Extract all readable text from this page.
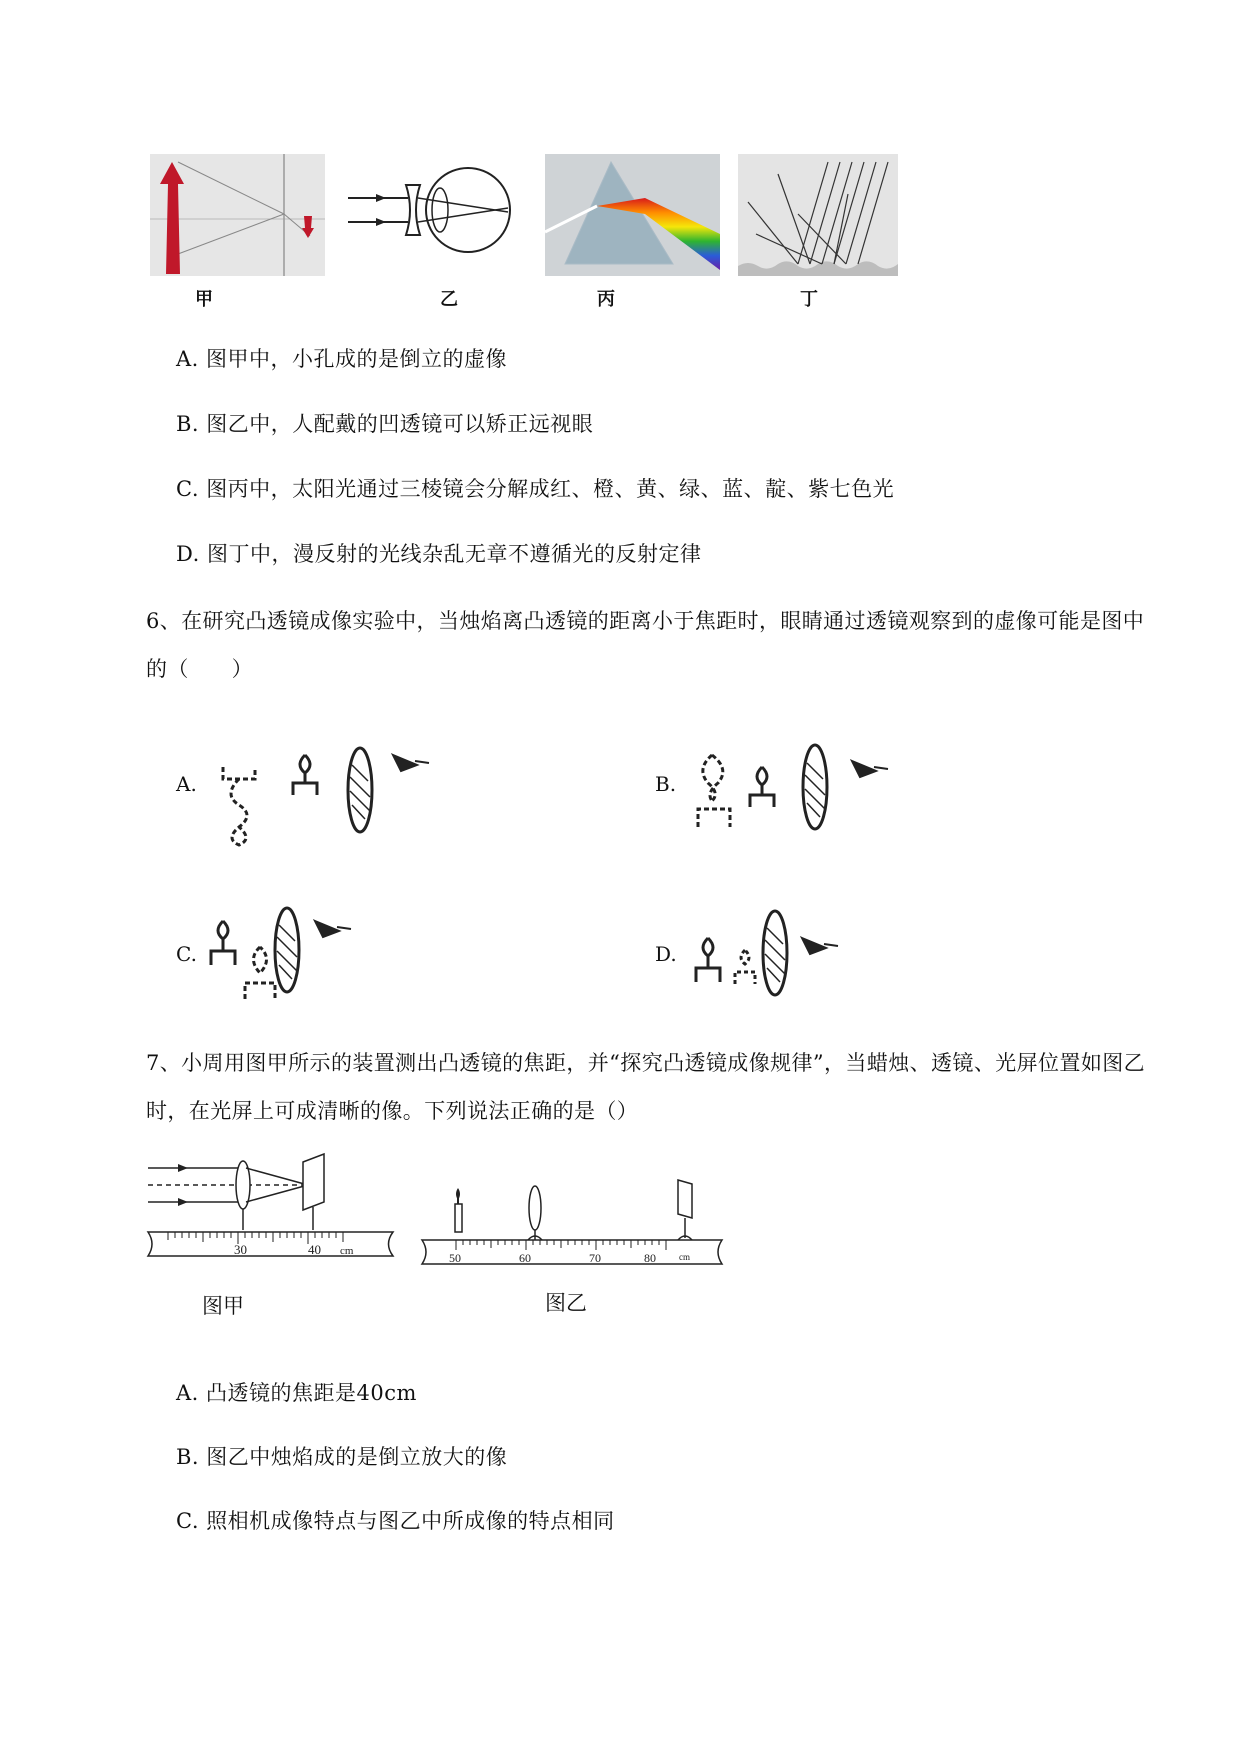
甲	乙	丙	丁
A. 图甲中，小孔成的是倒立的虚像
B. 图乙中，人配戴的凹透镜可以矫正远视眼
C. 图丙中，太阳光通过三棱镜会分解成红、橙、黄、绿、蓝、靛、紫七色光
D. 图丁中，漫反射的光线杂乱无章不遵循光的反射定律
6、在研究凸透镜成像实验中，当烛焰离凸透镜的距离小于焦距时，眼睛通过透镜观察到的虚像可能是图中的（　　）
A.	B.
C.	D.
7、小周用图甲所示的装置测出凸透镜的焦距，并“探究凸透镜成像规律”，当蜡烛、透镜、光屏位置如图乙时，在光屏上可成清晰的像。下列说法正确的是（）
30	40 cm
图甲
50	60	70	80	cm
图乙
A. 凸透镜的焦距是40cm
B. 图乙中烛焰成的是倒立放大的像
C. 照相机成像特点与图乙中所成像的特点相同
